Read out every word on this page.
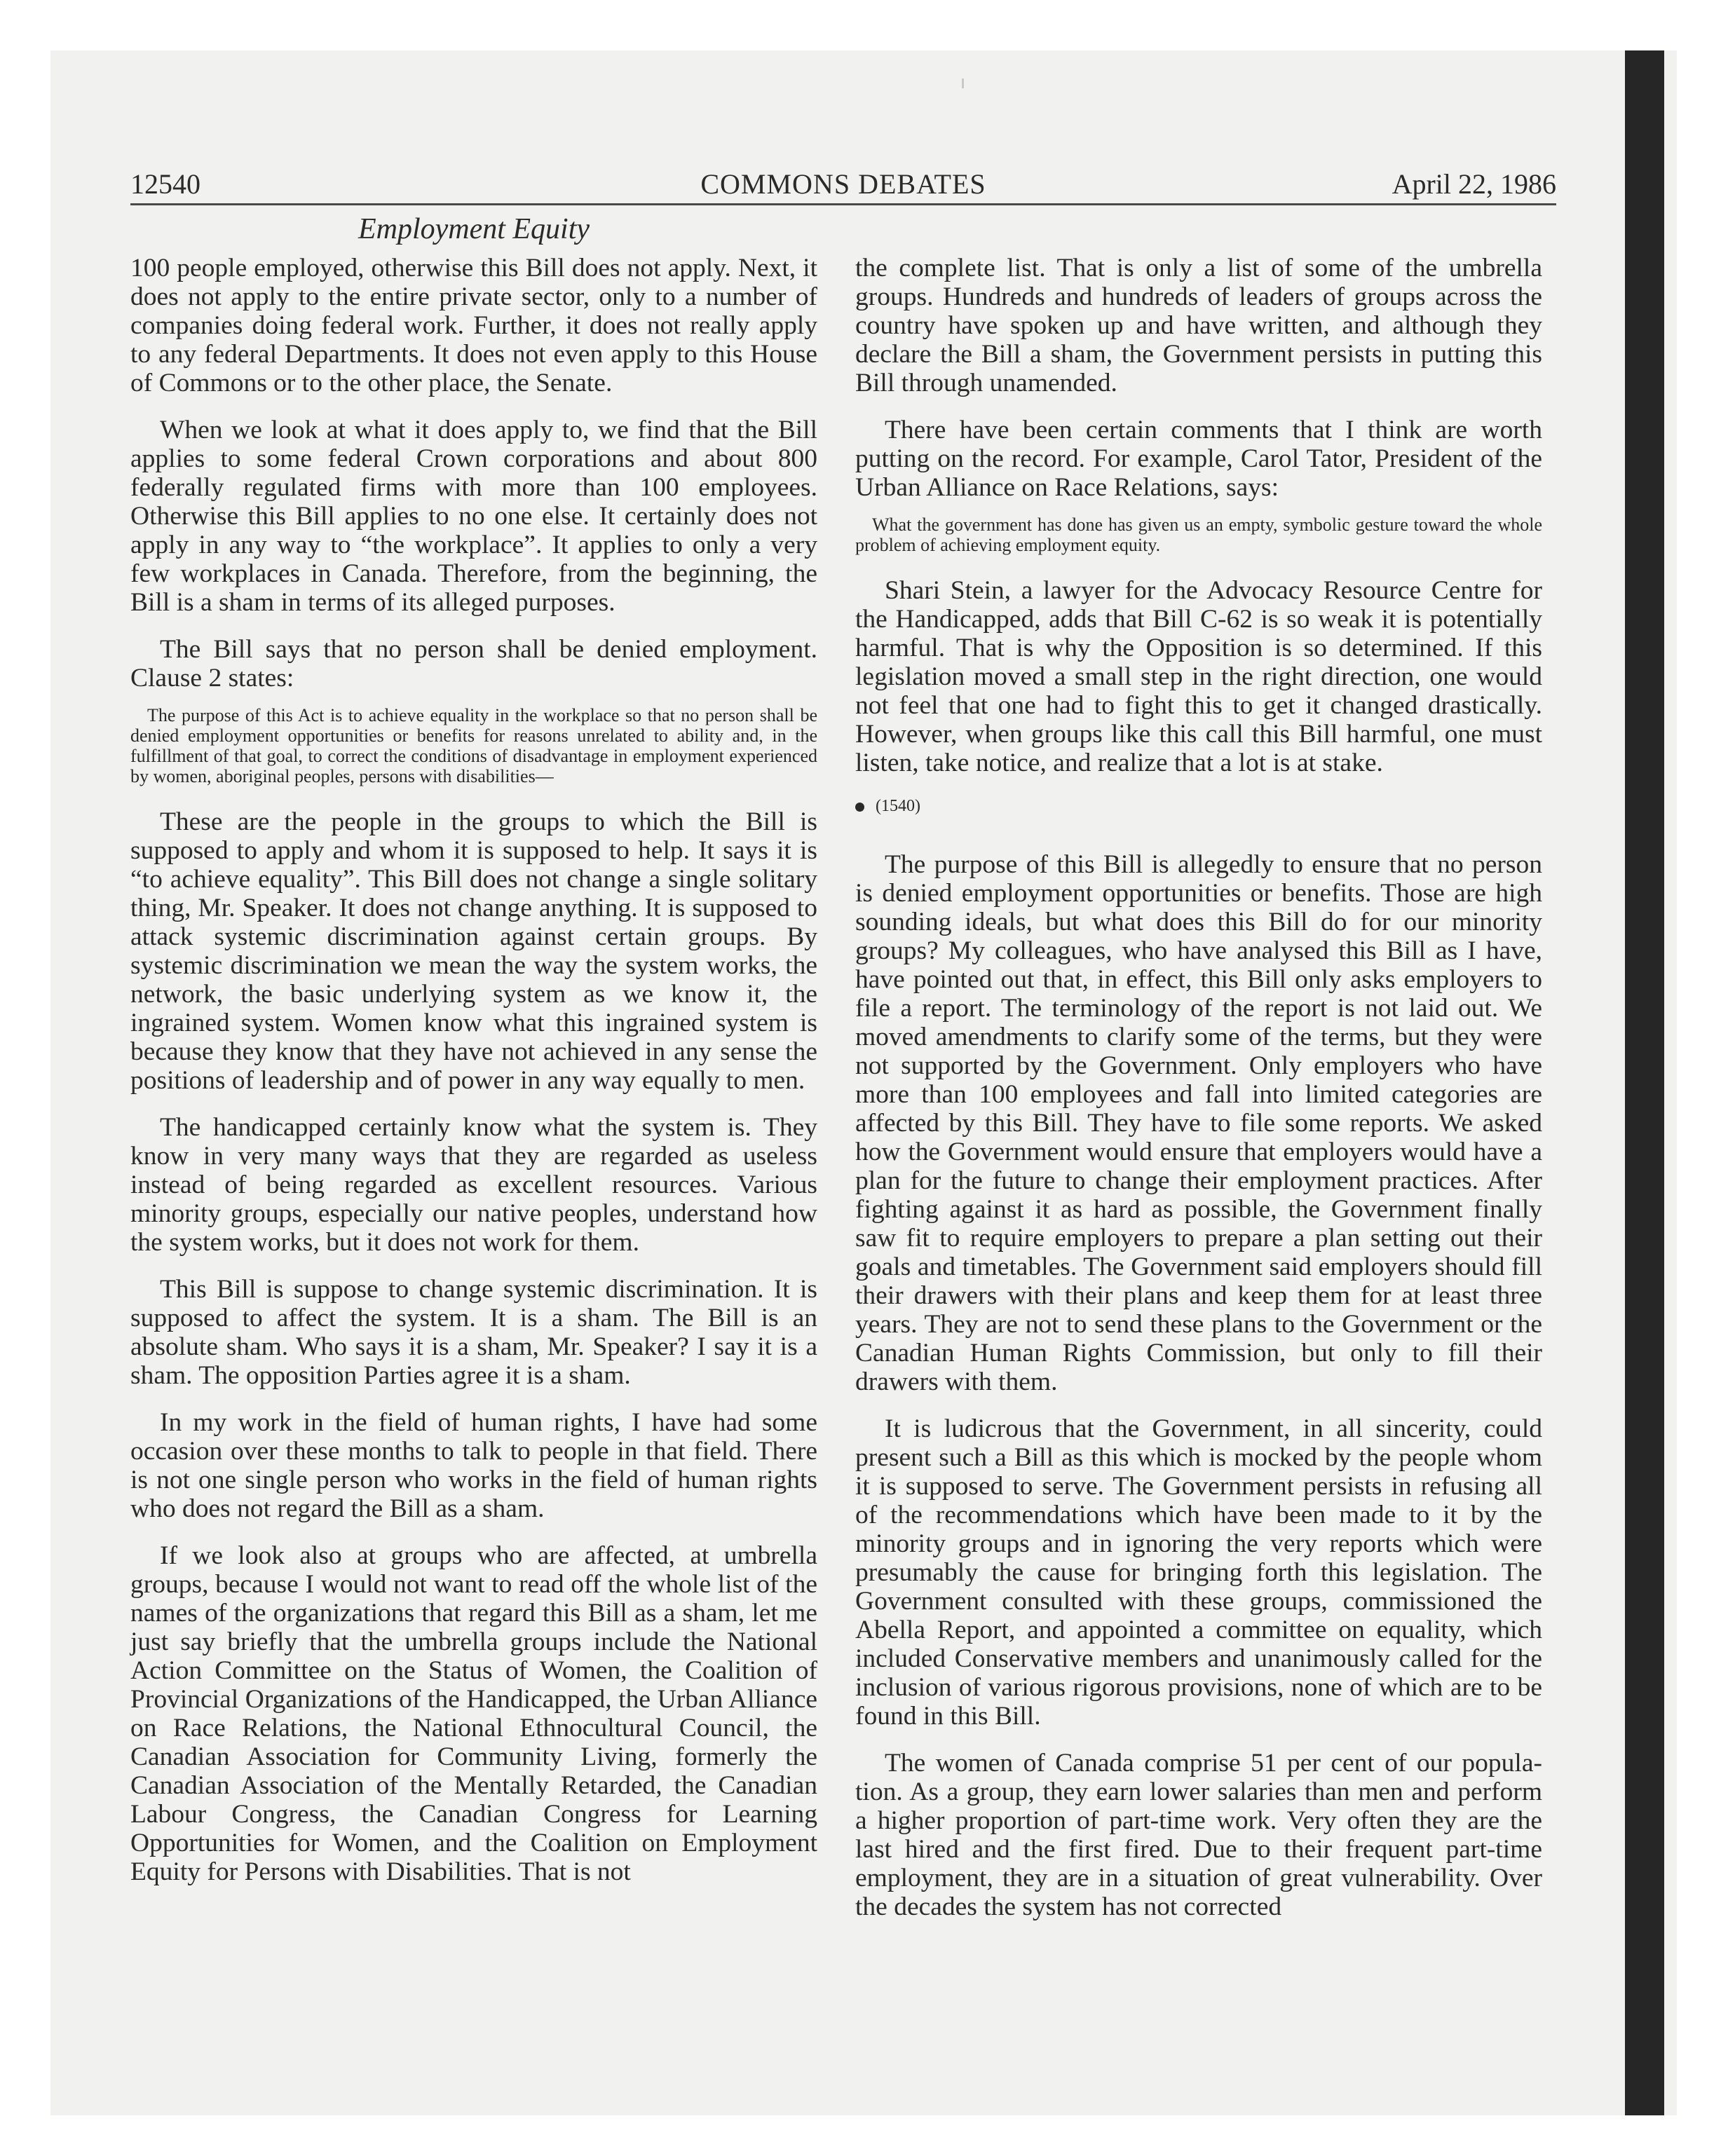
12540	COMMONS DEBATES	April 22, 1986
Employment Equity

100 people employed, otherwise this Bill does not apply. Next, it does not apply to the entire private sector, only to a number of companies doing federal work. Further, it does not really apply to any federal Departments. It does not even apply to this House of Commons or to the other place, the Senate.

When we look at what it does apply to, we find that the Bill applies to some federal Crown corporations and about 800 federally regulated firms with more than 100 employees. Otherwise this Bill applies to no one else. It certainly does not apply in any way to “the workplace”. It applies to only a very few workplaces in Canada. Therefore, from the beginning, the Bill is a sham in terms of its alleged purposes.

The Bill says that no person shall be denied employment. Clause 2 states:

The purpose of this Act is to achieve equality in the workplace so that no person shall be denied employment opportunities or benefits for reasons unrelated to ability and, in the fulfillment of that goal, to correct the conditions of disadvantage in employment experienced by women, aboriginal peoples, persons with disabilities—

These are the people in the groups to which the Bill is supposed to apply and whom it is supposed to help. It says it is “to achieve equality”. This Bill does not change a single solitary thing, Mr. Speaker. It does not change anything. It is supposed to attack systemic discrimination against certain groups. By systemic discrimination we mean the way the system works, the network, the basic underlying system as we know it, the ingrained system. Women know what this ingrained system is because they know that they have not achieved in any sense the positions of leadership and of power in any way equally to men.

The handicapped certainly know what the system is. They know in very many ways that they are regarded as useless instead of being regarded as excellent resources. Various minority groups, especially our native peoples, understand how the system works, but it does not work for them.

This Bill is suppose to change systemic discrimination. It is supposed to affect the system. It is a sham. The Bill is an absolute sham. Who says it is a sham, Mr. Speaker? I say it is a sham. The opposition Parties agree it is a sham.

In my work in the field of human rights, I have had some occasion over these months to talk to people in that field. There is not one single person who works in the field of human rights who does not regard the Bill as a sham.

If we look also at groups who are affected, at umbrella groups, because I would not want to read off the whole list of the names of the organizations that regard this Bill as a sham, let me just say briefly that the umbrella groups include the National Action Committee on the Status of Women, the Coalition of Provincial Organizations of the Handicapped, the Urban Alliance on Race Relations, the National Ethnocultural Council, the Canadian Association for Community Living, formerly the Canadian Association of the Mentally Retarded, the Canadian Labour Congress, the Canadian Congress for Learning Opportunities for Women, and the Coalition on Employment Equity for Persons with Disabilities. That is not

the complete list. That is only a list of some of the umbrella groups. Hundreds and hundreds of leaders of groups across the country have spoken up and have written, and although they declare the Bill a sham, the Government persists in putting this Bill through unamended.

There have been certain comments that I think are worth putting on the record. For example, Carol Tator, President of the Urban Alliance on Race Relations, says:

What the government has done has given us an empty, symbolic gesture toward the whole problem of achieving employment equity.

Shari Stein, a lawyer for the Advocacy Resource Centre for the Handicapped, adds that Bill C-62 is so weak it is potentially harmful. That is why the Opposition is so determined. If this legislation moved a small step in the right direction, one would not feel that one had to fight this to get it changed drastically. However, when groups like this call this Bill harmful, one must listen, take notice, and realize that a lot is at stake.

(1540)

The purpose of this Bill is allegedly to ensure that no person is denied employment opportunities or benefits. Those are high sounding ideals, but what does this Bill do for our minority groups? My colleagues, who have analysed this Bill as I have, have pointed out that, in effect, this Bill only asks employers to file a report. The terminology of the report is not laid out. We moved amendments to clarify some of the terms, but they were not supported by the Government. Only employers who have more than 100 employees and fall into limited categories are affected by this Bill. They have to file some reports. We asked how the Government would ensure that employers would have a plan for the future to change their employment practices. After fighting against it as hard as possible, the Government finally saw fit to require employers to prepare a plan setting out their goals and timetables. The Government said employers should fill their drawers with their plans and keep them for at least three years. They are not to send these plans to the Government or the Canadian Human Rights Commission, but only to fill their drawers with them.

It is ludicrous that the Government, in all sincerity, could present such a Bill as this which is mocked by the people whom it is supposed to serve. The Government persists in refusing all of the recommendations which have been made to it by the minority groups and in ignoring the very reports which were presumably the cause for bringing forth this legislation. The Government consulted with these groups, commissioned the Abella Report, and appointed a committee on equality, which included Conservative members and unanimously called for the inclusion of various rigorous provisions, none of which are to be found in this Bill.

The women of Canada comprise 51 per cent of our population. As a group, they earn lower salaries than men and perform a higher proportion of part-time work. Very often they are the last hired and the first fired. Due to their frequent part-time employment, they are in a situation of great vulnerability. Over the decades the system has not corrected
